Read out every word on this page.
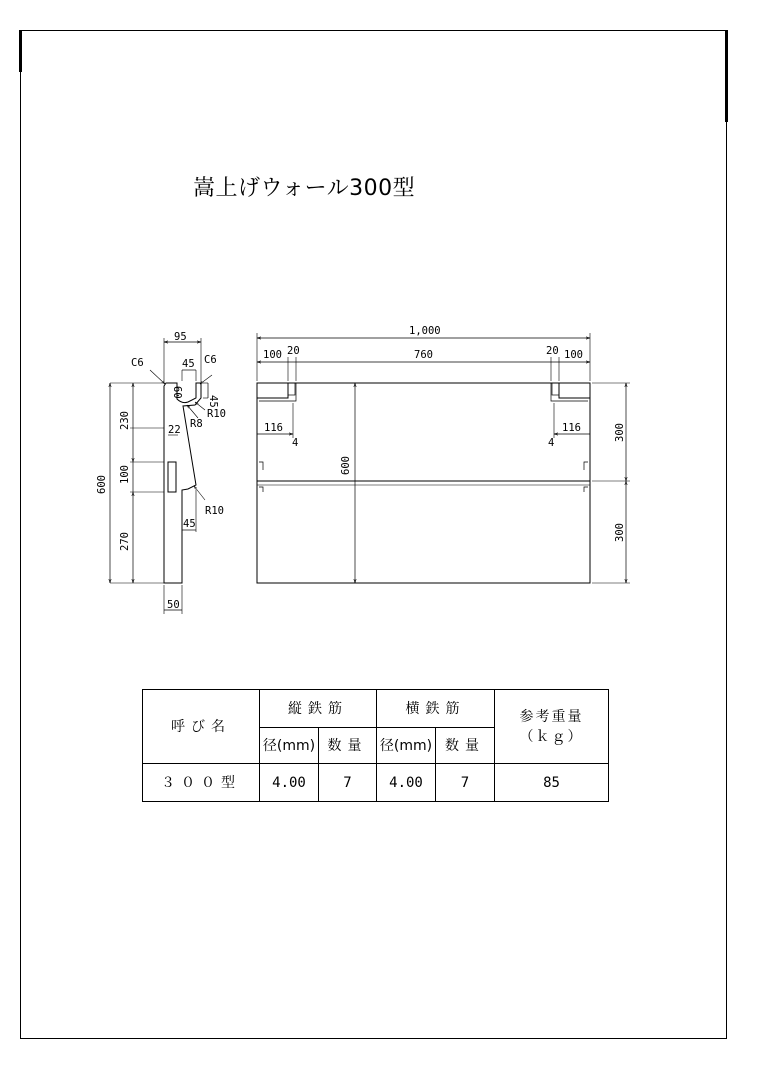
嵩上げウォール300型
95
C6	C6
45
45
60
R10
R8
22
R10
45
50
230
100
270
600
1,000
100 20	760	20 100
116
4
116
4
600
300
300
呼び名	縦鉄筋		横鉄筋		参考重量
（ｋｇ）

	径(mm)	数量	径(mm)	数量	
３００型	4.00	7	4.00	7	85
